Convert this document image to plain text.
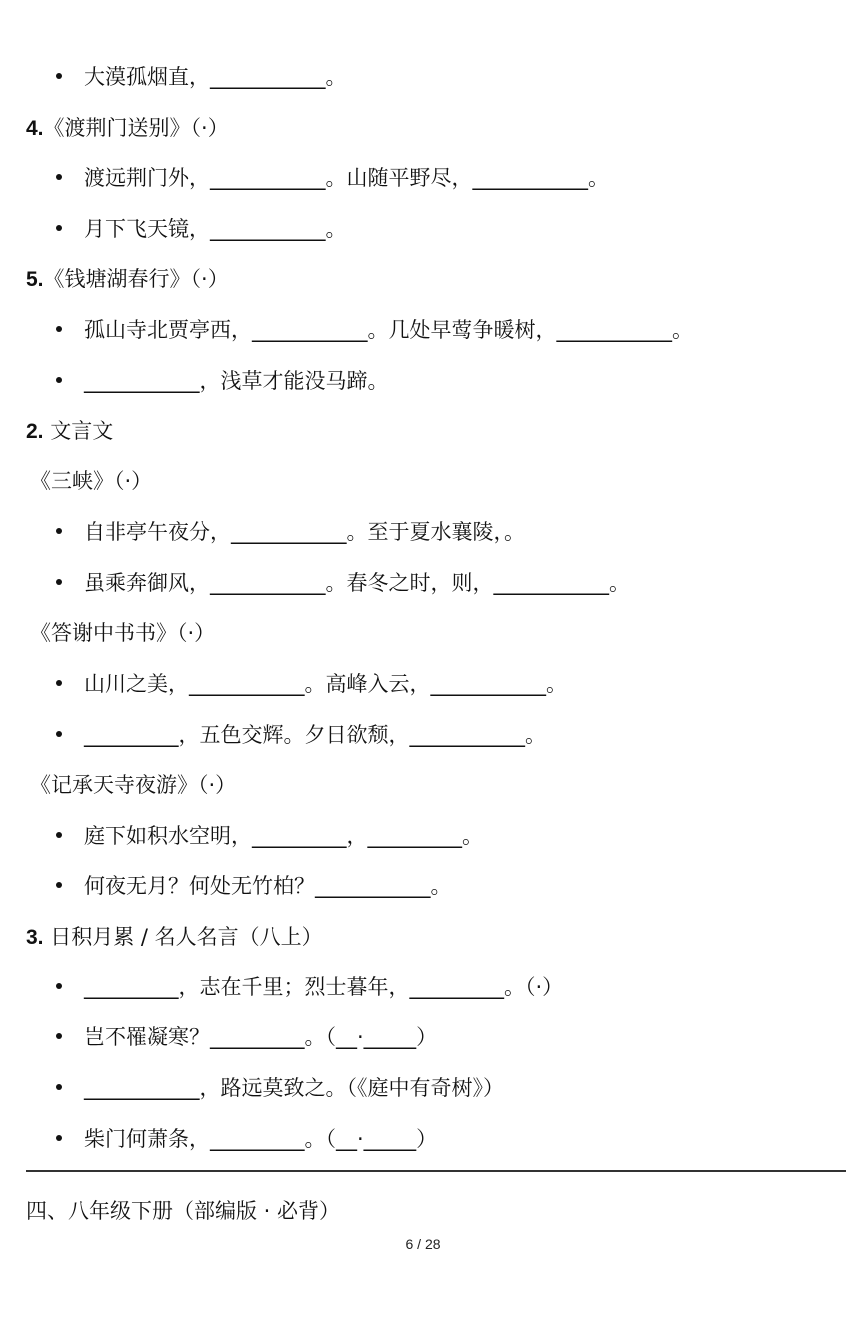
大漠孤烟直，___________。
4.《渡荆门送别》（·）
渡远荆门外，___________。山随平野尽，___________。
月下飞天镜，___________。
5.《钱塘湖春行》（·）
孤山寺北贾亭西，___________。几处早莺争暖树，___________。
___________，浅草才能没马蹄。
2. 文言文
《三峡》（·）
自非亭午夜分，___________。至于夏水襄陵，。
虽乘奔御风，___________。春冬之时，则，___________。
《答谢中书书》（·）
山川之美，___________。高峰入云，___________。
_________，五色交辉。夕日欲颓，___________。
《记承天寺夜游》（·）
庭下如积水空明，_________，_________。
何夜无月？何处无竹柏？___________。
3. 日积月累 / 名人名言（八上）
_________，志在千里；烈士暮年，_________。（·）
岂不罹凝寒？_________。（__·_____）
___________，路远莫致之。（《庭中有奇树》）
柴门何萧条，_________。（__·_____）
四、八年级下册（部编版 · 必背）
6 / 28
